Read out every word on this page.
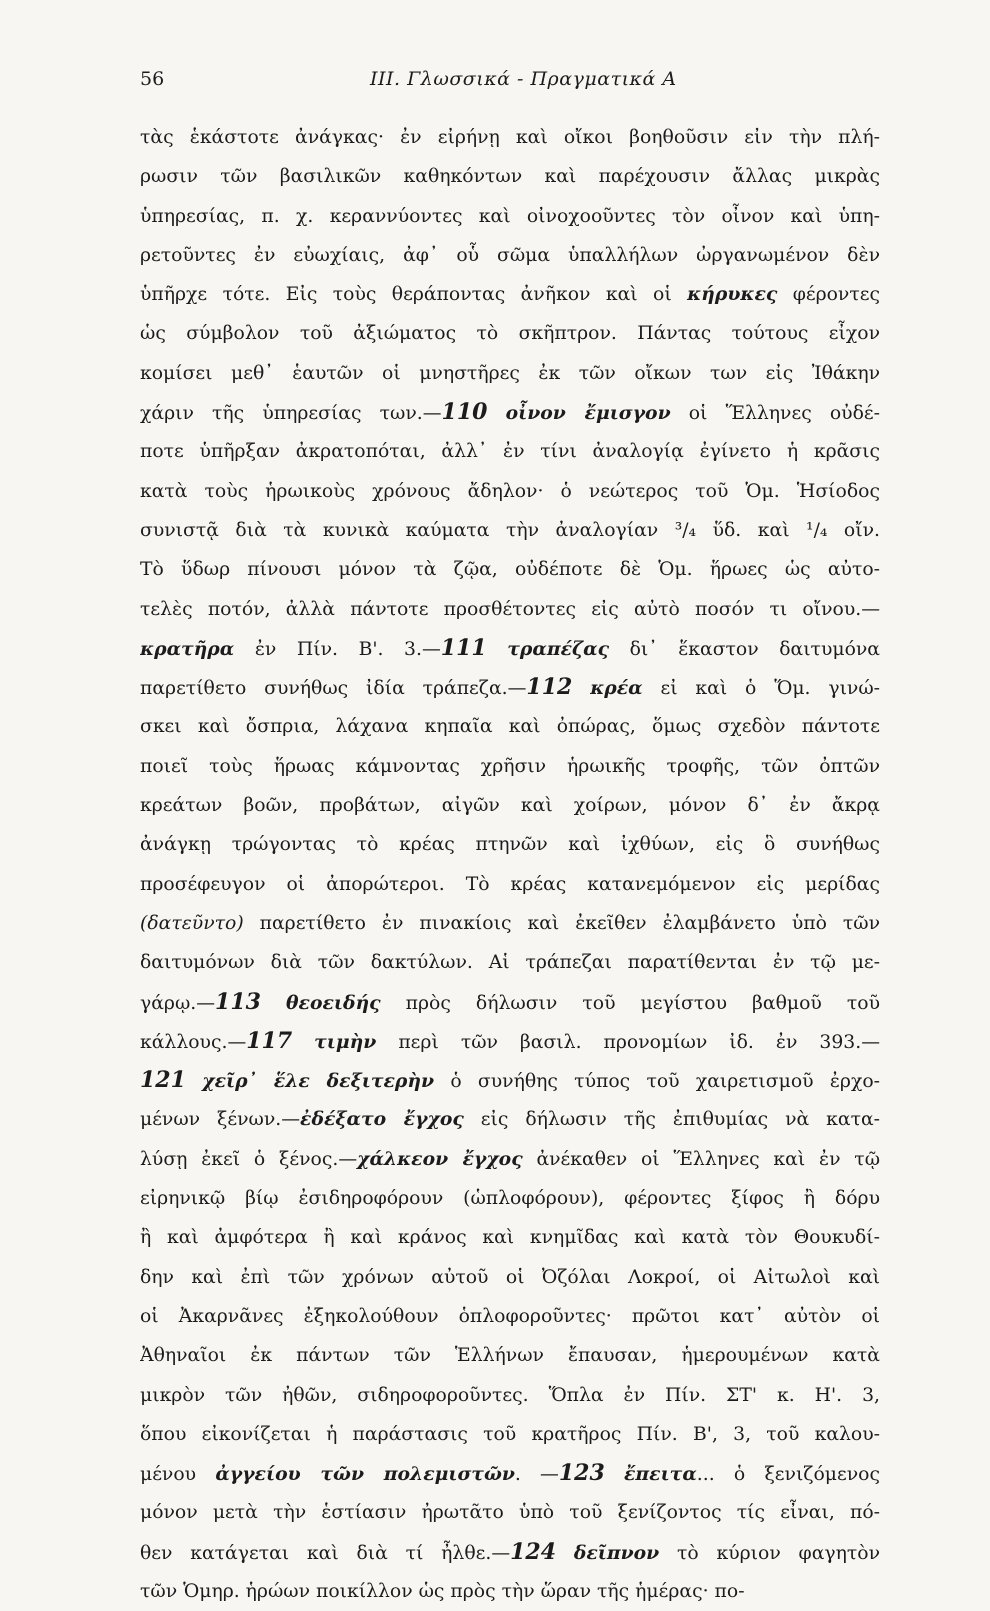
56	III. Γλωσσικά - Πραγματικά Α
τὰς ἑκάστοτε ἀνάγκας· ἐν εἰρήνῃ καὶ οἴκοι βοηθοῦσιν εἰν τὴν πλή-
ρωσιν τῶν βασιλικῶν καθηκόντων καὶ παρέχουσιν ἄλλας μικρὰς
ὑπηρεσίας, π. χ. κεραννύοντες καὶ οἰνοχοοῦντες τὸν οἶνον καὶ ὑπη-
ρετοῦντες ἐν εὐωχίαις, ἀφ᾽ οὗ σῶμα ὑπαλλήλων ὠργανωμένον δὲν
ὑπῆρχε τότε. Εἰς τοὺς θεράποντας ἀνῆκον καὶ οἱ κήρυκες φέροντες
ὡς σύμβολον τοῦ ἀξιώματος τὸ σκῆπτρον. Πάντας τούτους εἶχον
κομίσει μεθ᾽ ἑαυτῶν οἱ μνηστῆρες ἐκ τῶν οἴκων των εἰς Ἰθάκην
χάριν τῆς ὑπηρεσίας των.—110 οἶνον ἔμισγον οἱ Ἕλληνες οὐδέ-
ποτε ὑπῆρξαν ἀκρατοπόται, ἀλλ᾽ ἐν τίνι ἀναλογίᾳ ἐγίνετο ἡ κρᾶσις
κατὰ τοὺς ἡρωικοὺς χρόνους ἄδηλον· ὁ νεώτερος τοῦ Ὁμ. Ἡσίοδος
συνιστᾷ διὰ τὰ κυνικὰ καύματα τὴν ἀναλογίαν ³/₄ ὕδ. καὶ ¹/₄ οἴν.
Τὸ ὕδωρ πίνουσι μόνον τὰ ζῷα, οὐδέποτε δὲ Ὁμ. ἥρωες ὡς αὐτο-
τελὲς ποτόν, ἀλλὰ πάντοτε προσθέτοντες εἰς αὐτὸ ποσόν τι οἴνου.—
κρατῆρα ἐν Πίν. Β'. 3.—111 τραπέζας δι᾽ ἕκαστον δαιτυμόνα
παρετίθετο συνήθως ἰδία τράπεζα.—112 κρέα εἰ καὶ ὁ Ὅμ. γινώ-
σκει καὶ ὄσπρια, λάχανα κηπαῖα καὶ ὀπώρας, ὅμως σχεδὸν πάντοτε
ποιεῖ τοὺς ἥρωας κάμνοντας χρῆσιν ἡρωικῆς τροφῆς, τῶν ὀπτῶν
κρεάτων βοῶν, προβάτων, αἰγῶν καὶ χοίρων, μόνον δ᾽ ἐν ἄκρᾳ
ἀνάγκῃ τρώγοντας τὸ κρέας πτηνῶν καὶ ἰχθύων, εἰς ὃ συνήθως
προσέφευγον οἱ ἀπορώτεροι. Τὸ κρέας κατανεμόμενον εἰς μερίδας
(δατεῦντο) παρετίθετο ἐν πινακίοις καὶ ἐκεῖθεν ἐλαμβάνετο ὑπὸ τῶν
δαιτυμόνων διὰ τῶν δακτύλων. Αἱ τράπεζαι παρατίθενται ἐν τῷ με-
γάρῳ.—113 θεοειδής πρὸς δήλωσιν τοῦ μεγίστου βαθμοῦ τοῦ
κάλλους.—117 τιμὴν περὶ τῶν βασιλ. προνομίων ἰδ. ἐν 393.—
121 χεῖρ᾽ ἕλε δεξιτερὴν ὁ συνήθης τύπος τοῦ χαιρετισμοῦ ἐρχο-
μένων ξένων.—ἐδέξατο ἔγχος εἰς δήλωσιν τῆς ἐπιθυμίας νὰ κατα-
λύσῃ ἐκεῖ ὁ ξένος.—χάλκεον ἔγχος ἀνέκαθεν οἱ Ἕλληνες καὶ ἐν τῷ
εἰρηνικῷ βίῳ ἐσιδηροφόρουν (ὡπλοφόρουν), φέροντες ξίφος ἢ δόρυ
ἢ καὶ ἀμφότερα ἢ καὶ κράνος καὶ κνημῖδας καὶ κατὰ τὸν Θουκυδί-
δην καὶ ἐπὶ τῶν χρόνων αὐτοῦ οἱ Ὀζόλαι Λοκροί, οἱ Αἰτωλοὶ καὶ
οἱ Ἀκαρνᾶνες ἐξηκολούθουν ὁπλοφοροῦντες· πρῶτοι κατ᾽ αὐτὸν οἱ
Ἀθηναῖοι ἐκ πάντων τῶν Ἑλλήνων ἔπαυσαν, ἡμερουμένων κατὰ
μικρὸν τῶν ἠθῶν, σιδηροφοροῦντες. Ὅπλα ἐν Πίν. ΣΤ' κ. Η'. 3,
ὅπου εἰκονίζεται ἡ παράστασις τοῦ κρατῆρος Πίν. Β', 3, τοῦ καλου-
μένου ἀγγείου τῶν πολεμιστῶν. —123 ἔπειτα... ὁ ξενιζόμενος
μόνον μετὰ τὴν ἑστίασιν ἠρωτᾶτο ὑπὸ τοῦ ξενίζοντος τίς εἶναι, πό-
θεν κατάγεται καὶ διὰ τί ἦλθε.—124 δεῖπνον τὸ κύριον φαγητὸν
τῶν Ὁμηρ. ἡρώων ποικίλλον ὡς πρὸς τὴν ὥραν τῆς ἡμέρας· πο-
